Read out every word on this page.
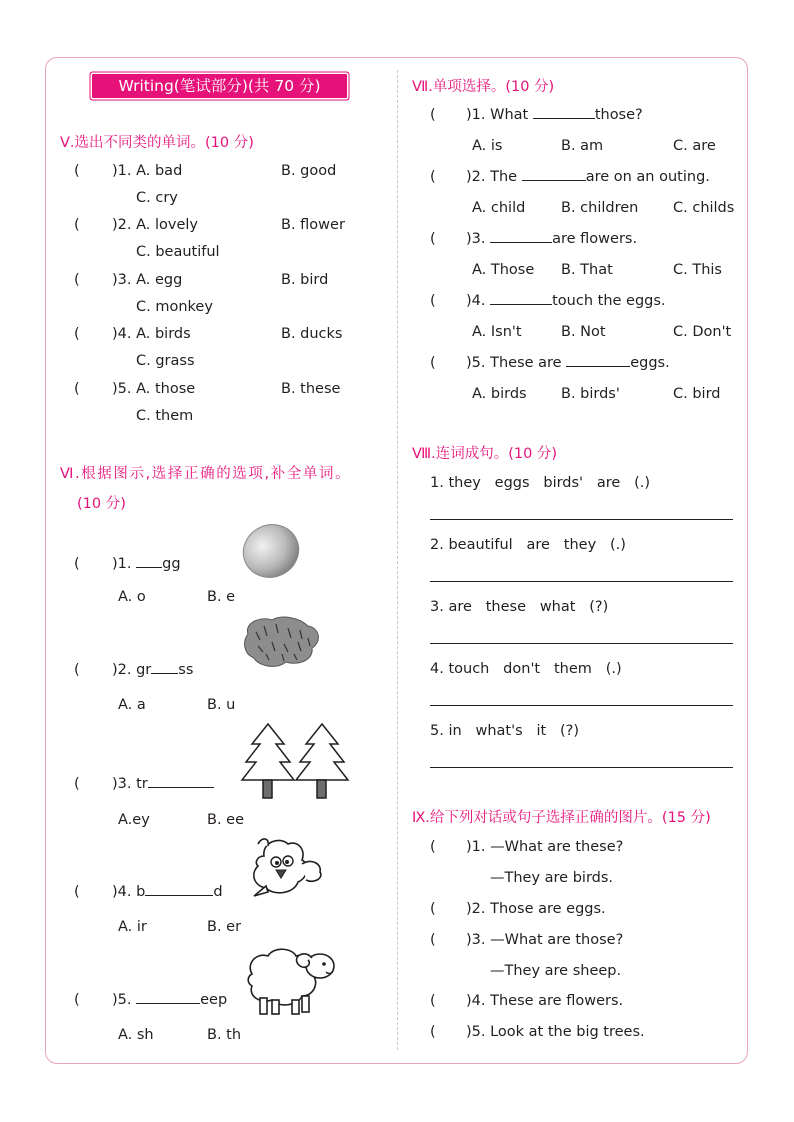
Writing(笔试部分)(共 70 分)
Ⅴ.选出不同类的单词。(10 分)
( )1. A. bad	B. good
C. cry
( )2. A. lovely	B. flower
C. beautiful
( )3. A. egg	B. bird
C. monkey
( )4. A. birds	B. ducks
C. grass
( )5. A. those	B. these
C. them
Ⅵ.根据图示,选择正确的选项,补全单词。
(10 分)
( )1. gg
A. o	B. e
( )2. gr ss
A. a	B. u
( )3. tr
A.ey	B. ee
( )4. b	d
A. ir	B. er
( )5.	eep
A. sh	B. th
Ⅶ.单项选择。(10 分)
( )1. What	those?
A. is	B. am	C. are
( )2. The	are on an outing.
A. child B. children C. childs
( )3.	are flowers.
A. Those B. That	C. This
( )4.	touch the eggs.
A. Isn't	B. Not	C. Don't
( )5. These are	eggs.
A. birds B. birds'	C. bird
Ⅷ.连词成句。(10 分)
1. they   eggs   birds'   are   (.)
2. beautiful   are   they   (.)
3. are   these   what   (?)
4. touch   don't   them   (.)
5. in   what's   it   (?)
Ⅸ.给下列对话或句子选择正确的图片。(15 分)
( )1. —What are these?
—They are birds.
( )2. Those are eggs.
( )3. —What are those?
—They are sheep.
( )4. These are flowers.
( )5. Look at the big trees.
